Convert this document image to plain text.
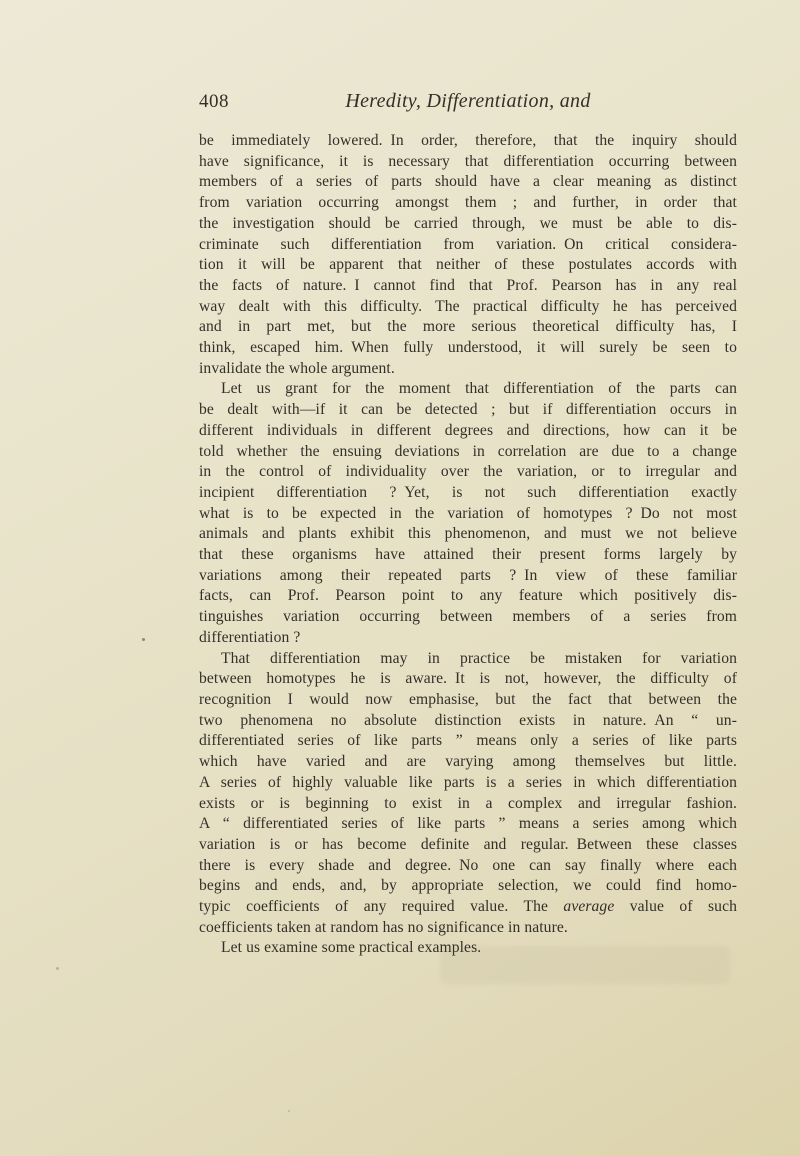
408	Heredity, Differentiation, and
be immediately lowered. In order, therefore, that the inquiry should
have significance, it is necessary that differentiation occurring between
members of a series of parts should have a clear meaning as distinct
from variation occurring amongst them ; and further, in order that
the investigation should be carried through, we must be able to dis-
criminate such differentiation from variation. On critical considera-
tion it will be apparent that neither of these postulates accords with
the facts of nature. I cannot find that Prof. Pearson has in any real
way dealt with this difficulty. The practical difficulty he has perceived
and in part met, but the more serious theoretical difficulty has, I
think, escaped him. When fully understood, it will surely be seen to
invalidate the whole argument.
Let us grant for the moment that differentiation of the parts can
be dealt with—if it can be detected ; but if differentiation occurs in
different individuals in different degrees and directions, how can it be
told whether the ensuing deviations in correlation are due to a change
in the control of individuality over the variation, or to irregular and
incipient differentiation ? Yet, is not such differentiation exactly
what is to be expected in the variation of homotypes ? Do not most
animals and plants exhibit this phenomenon, and must we not believe
that these organisms have attained their present forms largely by
variations among their repeated parts ? In view of these familiar
facts, can Prof. Pearson point to any feature which positively dis-
tinguishes variation occurring between members of a series from
differentiation ?
That differentiation may in practice be mistaken for variation
between homotypes he is aware. It is not, however, the difficulty of
recognition I would now emphasise, but the fact that between the
two phenomena no absolute distinction exists in nature. An “ un-
differentiated series of like parts ” means only a series of like parts
which have varied and are varying among themselves but little.
A series of highly valuable like parts is a series in which differentiation
exists or is beginning to exist in a complex and irregular fashion.
A “ differentiated series of like parts ” means a series among which
variation is or has become definite and regular. Between these classes
there is every shade and degree. No one can say finally where each
begins and ends, and, by appropriate selection, we could find homo-
typic coefficients of any required value. The average value of such
coefficients taken at random has no significance in nature.
Let us examine some practical examples.
